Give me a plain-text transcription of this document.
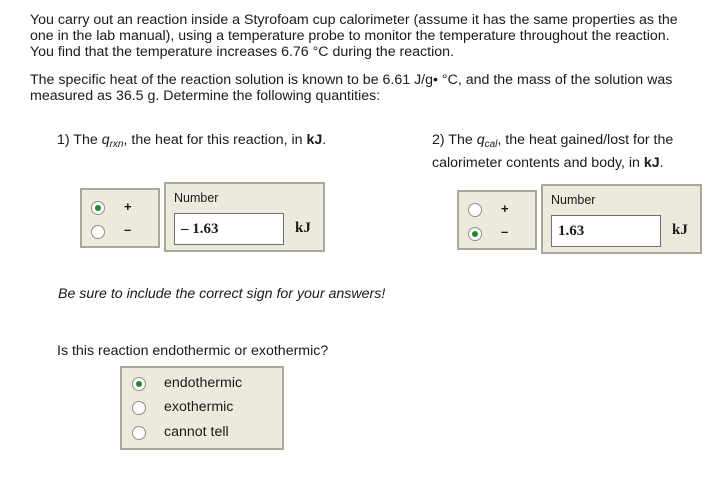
You carry out an reaction inside a Styrofoam cup calorimeter (assume it has the same properties as the

one in the lab manual), using a temperature probe to monitor the temperature throughout the reaction.

You find that the temperature increases 6.76 °C during the reaction.

The specific heat of the reaction solution is known to be 6.61 J/g• °C, and the mass of the solution was

measured as 36.5 g. Determine the following quantities:

1) The $q_{rxn}$, the heat for this reaction, in kJ.
+
–
Number
– 1.63	kJ
2) The $q_{cal}$, the heat gained/lost for the
calorimeter contents and body, in kJ.
+
–
Number
1.63	kJ
Be sure to include the correct sign for your answers!
Is this reaction endothermic or exothermic?
endothermic
exothermic
cannot tell
